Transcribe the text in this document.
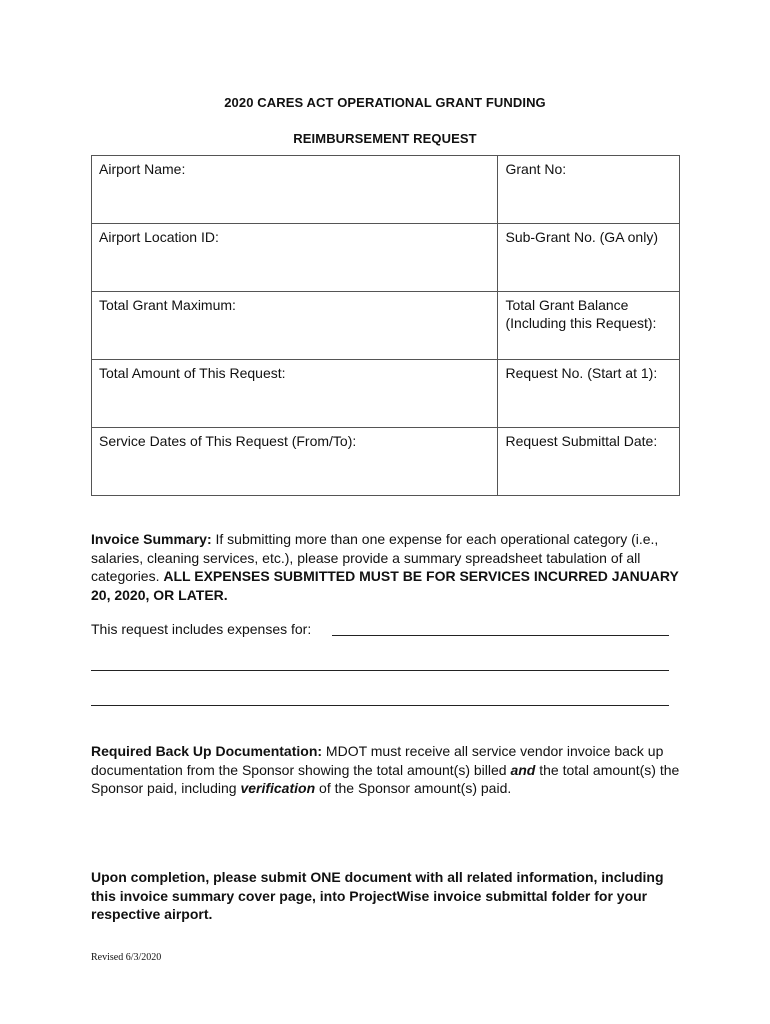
2020 CARES ACT OPERATIONAL GRANT FUNDING
REIMBURSEMENT REQUEST
Airport Name:	Grant No:
Airport Location ID:	Sub-Grant No. (GA only)
Total Grant Maximum:	Total Grant Balance
(Including this Request):
Total Amount of This Request:	Request No. (Start at 1):
Service Dates of This Request (From/To):	Request Submittal Date:
Invoice Summary: If submitting more than one expense for each operational category (i.e., salaries, cleaning services, etc.), please provide a summary spreadsheet tabulation of all categories. ALL EXPENSES SUBMITTED MUST BE FOR SERVICES INCURRED JANUARY 20, 2020, OR LATER.
This request includes expenses for:
Required Back Up Documentation: MDOT must receive all service vendor invoice back up documentation from the Sponsor showing the total amount(s) billed and the total amount(s) the Sponsor paid, including verification of the Sponsor amount(s) paid.
Upon completion, please submit ONE document with all related information, including this invoice summary cover page, into ProjectWise invoice submittal folder for your respective airport.
Revised 6/3/2020
